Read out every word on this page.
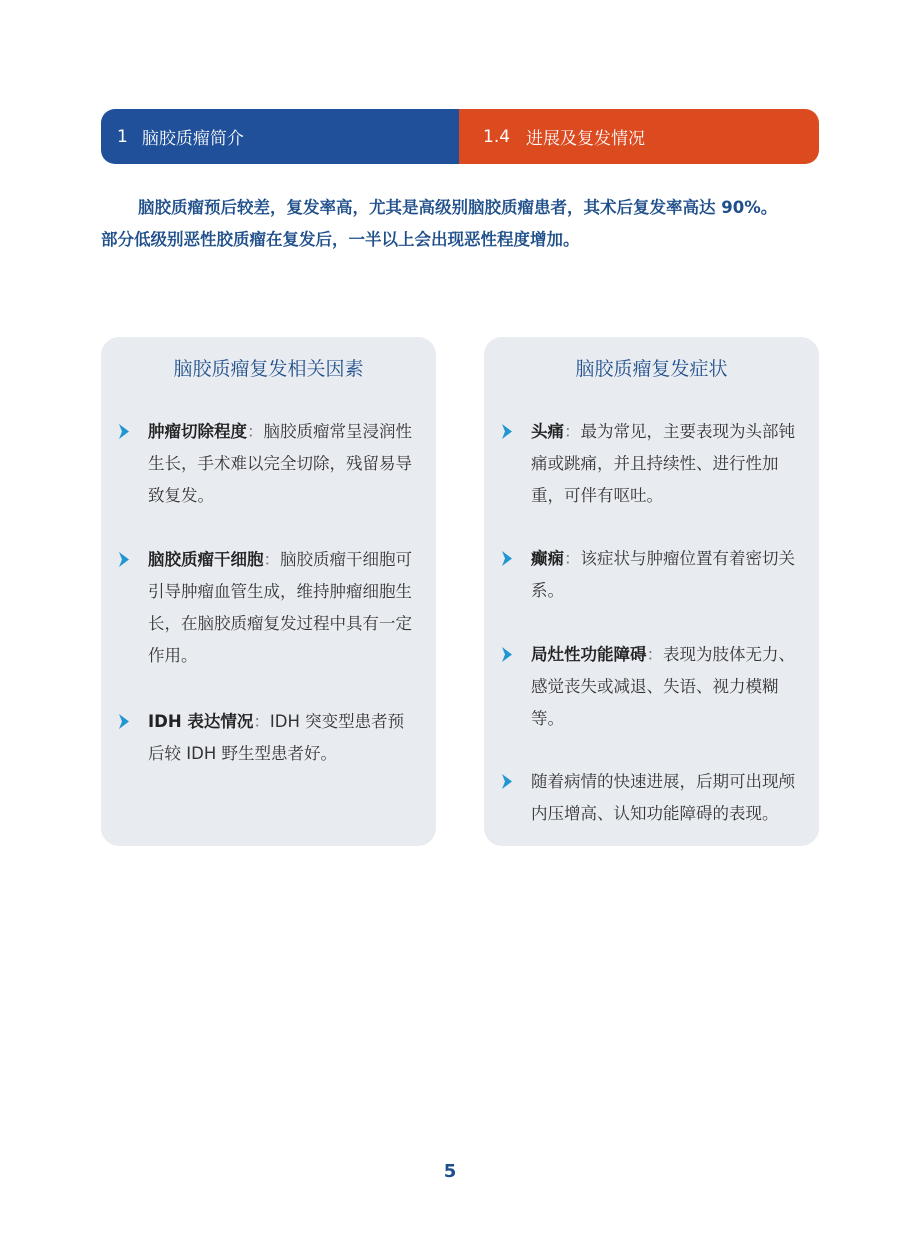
1 脑胶质瘤简介	1.4 进展及复发情况
脑胶质瘤预后较差，复发率高，尤其是高级别脑胶质瘤患者，其术后复发率高达 90%。
部分低级别恶性胶质瘤在复发后，一半以上会出现恶性程度增加。
脑胶质瘤复发相关因素
肿瘤切除程度：脑胶质瘤常呈浸润性生长，手术难以完全切除，残留易导致复发。
脑胶质瘤干细胞：脑胶质瘤干细胞可引导肿瘤血管生成，维持肿瘤细胞生长，在脑胶质瘤复发过程中具有一定作用。
IDH 表达情况：IDH 突变型患者预后较 IDH 野生型患者好。
脑胶质瘤复发症状
头痛：最为常见，主要表现为头部钝痛或跳痛，并且持续性、进行性加重，可伴有呕吐。
癫痫：该症状与肿瘤位置有着密切关系。
局灶性功能障碍：表现为肢体无力、感觉丧失或减退、失语、视力模糊等。
随着病情的快速进展，后期可出现颅内压增高、认知功能障碍的表现。
5
